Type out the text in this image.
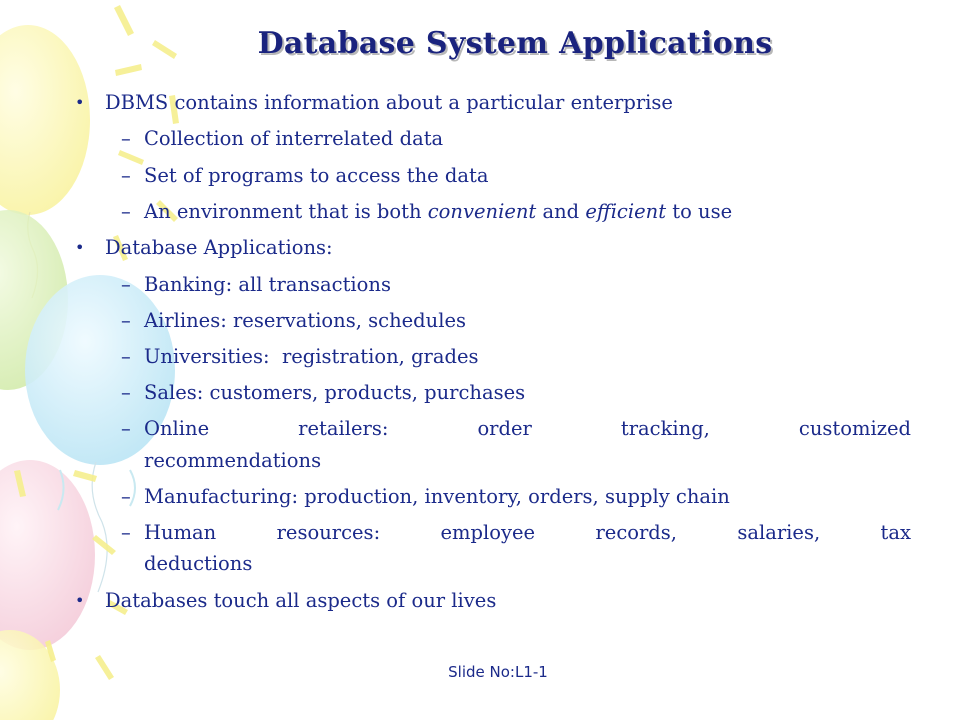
Database System Applications
• DBMS contains information about a particular enterprise
– Collection of interrelated data
– Set of programs to access the data
– An environment that is both convenient and efficient to use
• Database Applications:
– Banking: all transactions
– Airlines: reservations, schedules
– Universities:  registration, grades
– Sales: customers, products, purchases
– Online	retailers:	order	tracking,	customized
recommendations
– Manufacturing: production, inventory, orders, supply chain
– Human	resources:	employee	records,	salaries,	tax
deductions
• Databases touch all aspects of our lives
Slide No:L1-1
